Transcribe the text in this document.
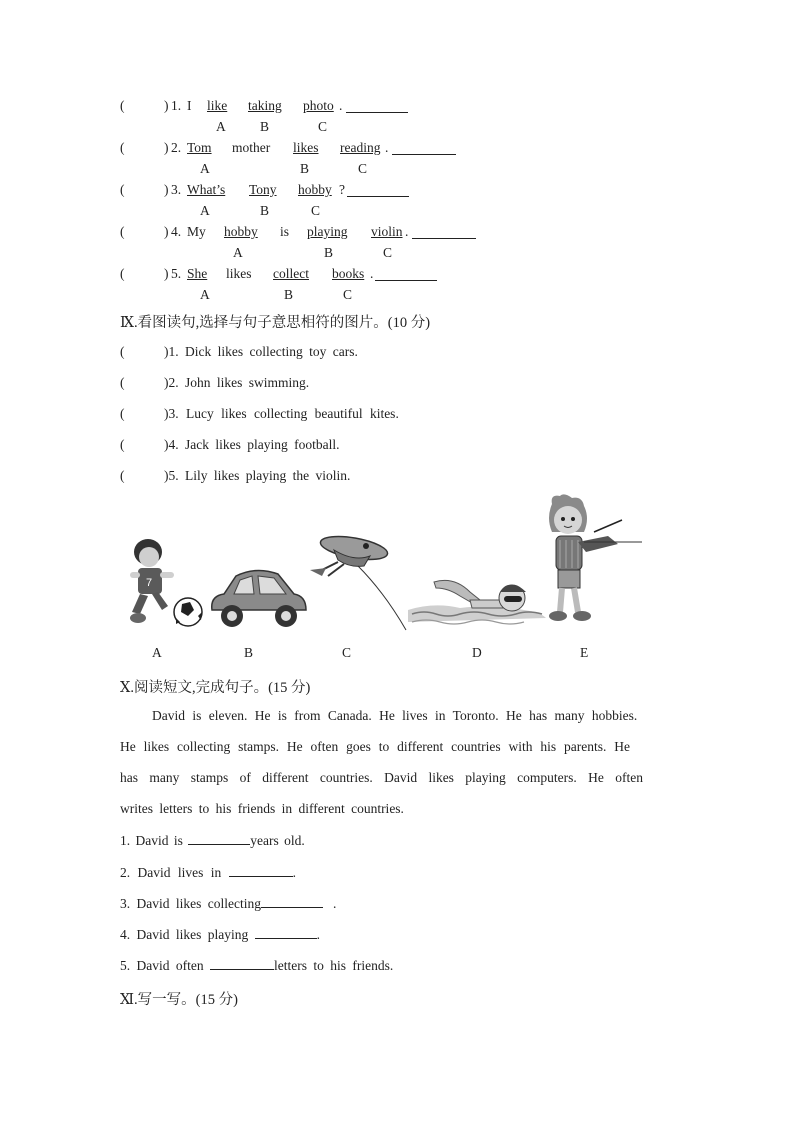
(	) 1. I like taking photo .
A	B	C
(	) 2. Tom mother likes reading .
A	B	C
(	) 3. What’s Tony hobby ?
A	B	C
(	) 4. My hobby is playing violin .
A	B	C
(	) 5. She likes collect books .
A	B	C
Ⅸ.看图读句,选择与句子意思相符的图片。(10 分)
(	)1. Dick likes collecting toy cars.
(	)2. John likes swimming.
(	)3. Lucy likes collecting beautiful kites.
(	)4. Jack likes playing football.
(	)5. Lily likes playing the violin.
7
A	B	C	D	E
Ⅹ.阅读短文,完成句子。(15 分)
David is eleven. He is from Canada. He lives in Toronto. He has many hobbies.
He likes collecting stamps. He often goes to different countries with his parents. He
has many stamps of different countries. David likes playing computers. He often
writes letters to his friends in different countries.
1. David is	years old.
2. David lives in	.
3. David likes collecting	.
4. David likes playing	.
5. David often	letters to his friends.
Ⅺ.写一写。(15 分)
